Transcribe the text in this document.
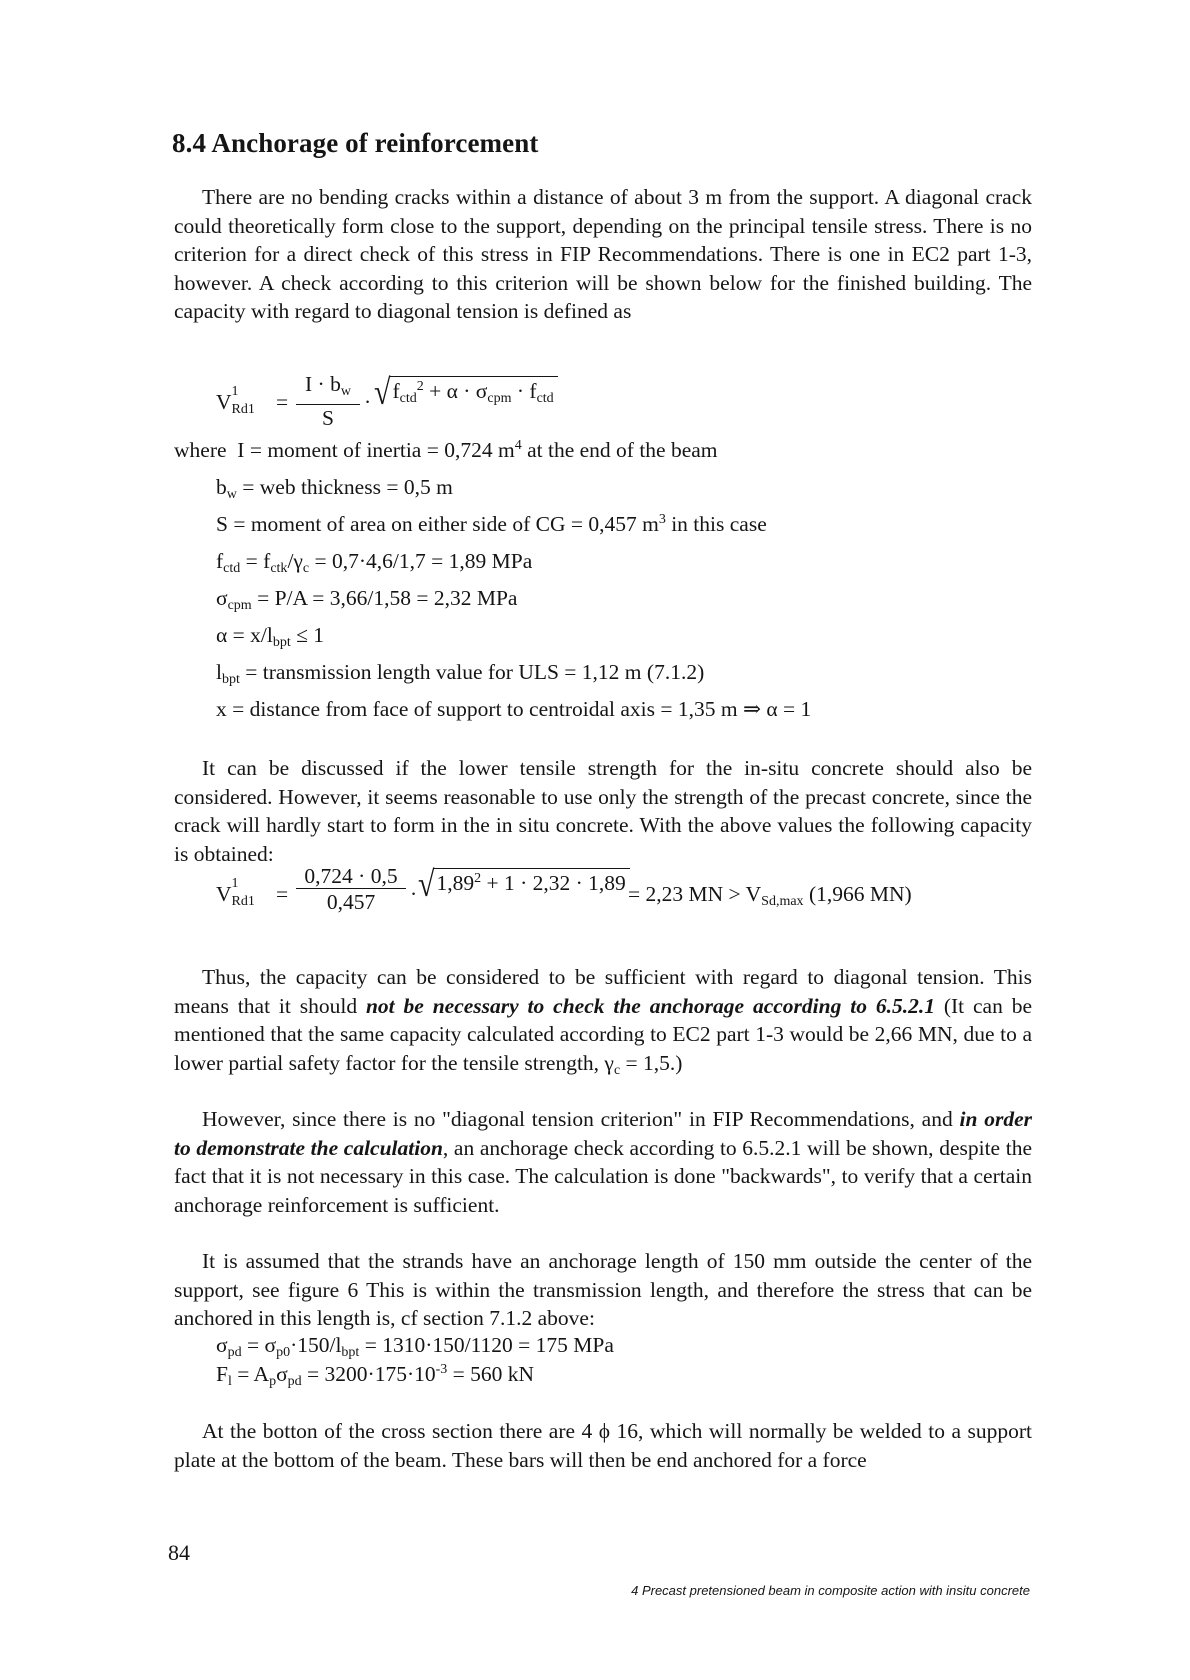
8.4 Anchorage of reinforcement

There are no bending cracks within a distance of about 3 m from the support. A diagonal crack could theoretically form close to the support, depending on the principal tensile stress. There is no criterion for a direct check of this stress in FIP Recommendations. There is one in EC2 part 1-3, however. A check according to this criterion will be shown below for the finished building. The capacity with regard to diagonal tension is defined as

V 1
$_{Rd1} = \frac{I \cdot b_w}{S} \cdot √f_{ctd}^2 + \alpha \cdot \sigma_{cpm} \cdot f_{ctd}$
where I = moment of inertia = 0,724 $m^4$ at the end of the beam
$b_w$ = web thickness = 0,5 m
S = moment of area on either side of CG = 0,457 $m^3$ in this case
$f_{ctd} = f_{ctk}/\gamma_c = 0,7\cdot 4,6/1,7 = 1,89$ MPa
$\sigma_{cpm} = P/A = 3,66/1,58 = 2,32$ MPa
$\alpha = x/l_{bpt} \le 1$
$l_{bpt}$ = transmission length value for ULS = 1,12 m (7.1.2)
x = distance from face of support to centroidal axis = 1,35 m ⇒ α = 1

It can be discussed if the lower tensile strength for the in-situ concrete should also be considered. However, it seems reasonable to use only the strength of the precast concrete, since the crack will hardly start to form in the in situ concrete. With the above values the following capacity is obtained:

V 1
$_{Rd1} = \frac{0,724 \cdot 0,5}{0,457} \cdot √1,89^2 + 1 \cdot 2,32 \cdot 1,89 = 2,23$ MN > $V_{Sd,max}$ (1,966 MN)

Thus, the capacity can be considered to be sufficient with regard to diagonal tension. This means that it should not be necessary to check the anchorage according to 6.5.2.1 (It can be mentioned that the same capacity calculated according to EC2 part 1-3 would be 2,66 MN, due to a lower partial safety factor for the tensile strength, $\gamma_c = 1,5$.)

However, since there is no "diagonal tension criterion" in FIP Recommendations, and in order to demonstrate the calculation, an anchorage check according to 6.5.2.1 will be shown, despite the fact that it is not necessary in this case. The calculation is done "backwards", to verify that a certain anchorage reinforcement is sufficient.

It is assumed that the strands have an anchorage length of 150 mm outside the center of the support, see figure 6 This is within the transmission length, and therefore the stress that can be anchored in this length is, cf section 7.1.2 above:

$\sigma_{pd} = \sigma_{p0}\cdot 150/l_{bpt} = 1310\cdot 150/1120 = 175$ MPa
$F_l = A_p\sigma_{pd} = 3200\cdot 175\cdot 10^{-3} = 560$ kN

At the botton of the cross section there are 4 ϕ 16, which will normally be welded to a support plate at the bottom of the beam. These bars will then be end anchored for a force

84
4 Precast pretensioned beam in composite action with insitu concrete
